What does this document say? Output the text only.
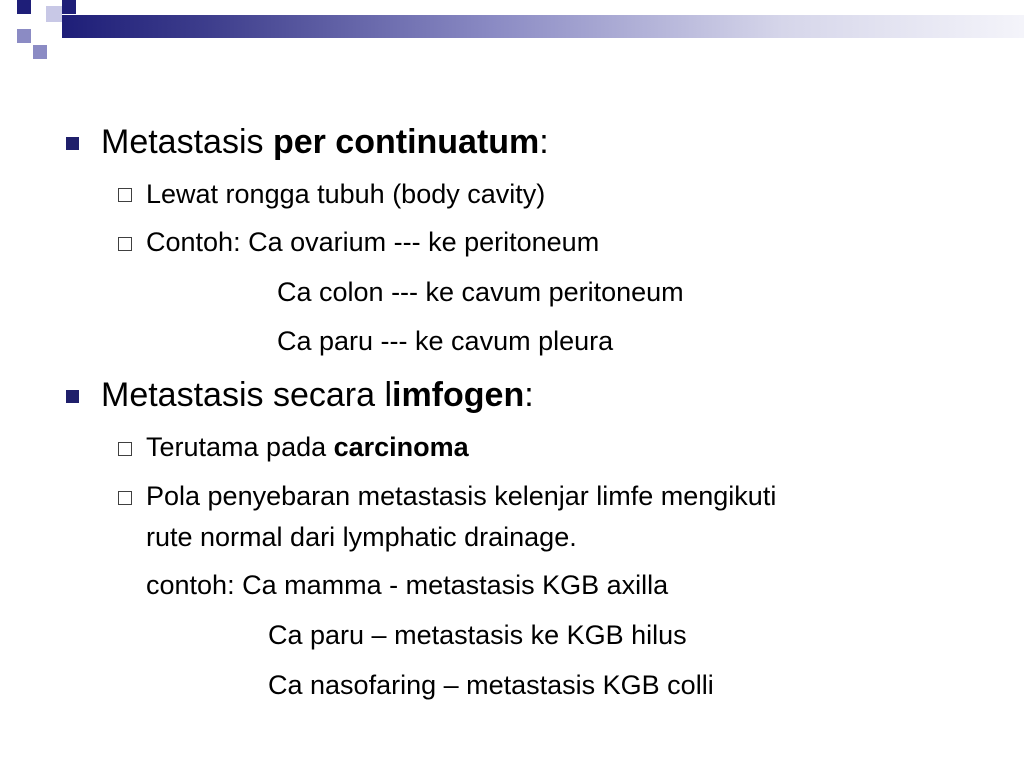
Metastasis per continuatum:
Lewat rongga tubuh (body cavity)
Contoh: Ca ovarium --- ke peritoneum
Ca colon --- ke cavum peritoneum
Ca paru --- ke cavum pleura
Metastasis secara limfogen:
Terutama pada carcinoma
Pola penyebaran metastasis kelenjar limfe mengikuti
rute normal dari lymphatic drainage.
contoh: Ca mamma - metastasis KGB axilla
Ca paru – metastasis ke KGB hilus
Ca nasofaring – metastasis KGB colli
